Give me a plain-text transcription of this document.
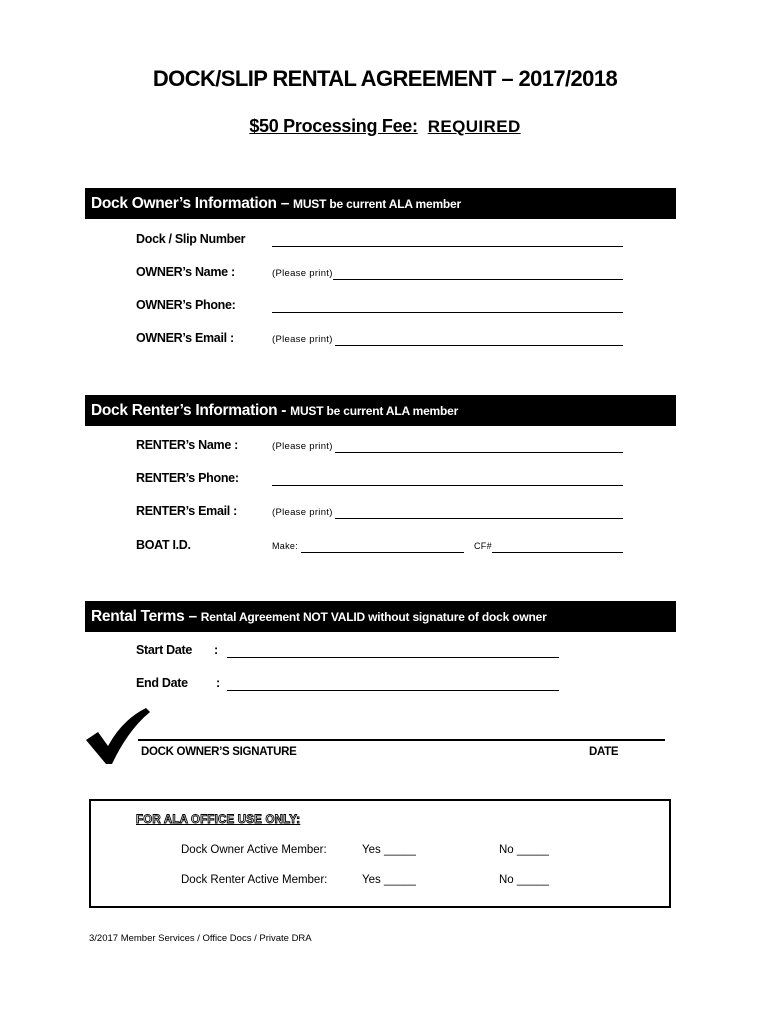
DOCK/SLIP RENTAL AGREEMENT – 2017/2018
$50 Processing Fee: REQUIRED
Dock Owner’s Information – MUST be current ALA member
Dock / Slip Number
OWNER’s Name :	(Please print)
OWNER’s Phone:
OWNER’s Email :	(Please print)
Dock Renter’s Information - MUST be current ALA member
RENTER’s Name :	(Please print)
RENTER’s Phone:
RENTER’s Email :	(Please print)
BOAT I.D.	Make:	CF#
Rental Terms – Rental Agreement NOT VALID without signature of dock owner
Start Date :
End Date :
DOCK OWNER’S SIGNATURE	DATE
FOR ALA OFFICE USE ONLY:
Dock Owner Active Member:	Yes _____	No _____
Dock Renter Active Member:	Yes _____	No _____
3/2017 Member Services / Office Docs / Private DRA
